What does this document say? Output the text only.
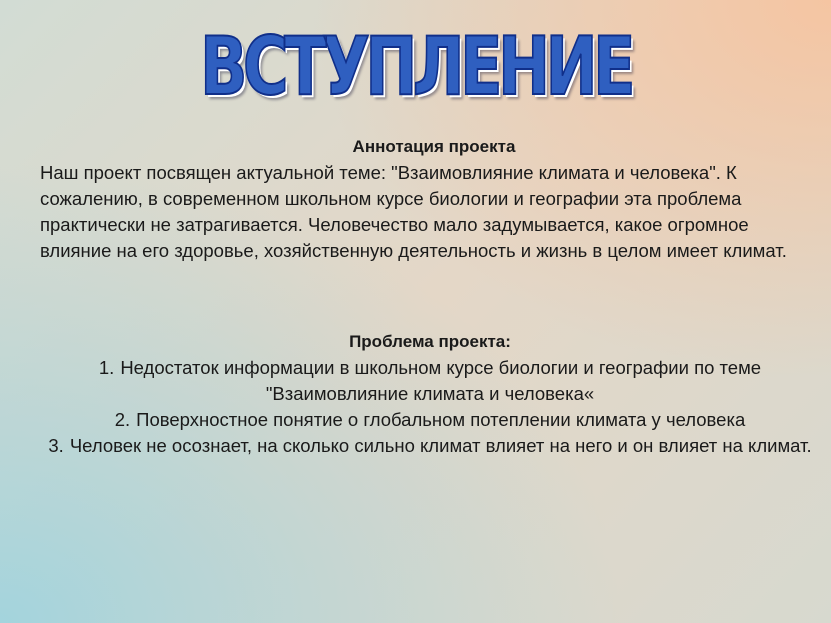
ВСТУПЛЕНИЕ

Аннотация проекта

Наш проект посвящен актуальной теме: "Взаимовлияние климата и человека". К сожалению, в современном школьном курсе биологии и географии эта проблема практически не затрагивается. Человечество мало задумывается, какое огромное влияние на его здоровье, хозяйственную деятельность и жизнь в целом имеет климат.

Проблема проекта:

1. Недостаток информации в школьном курсе биологии и географии по теме "Взаимовлияние климата и человека«
2. Поверхностное понятие о глобальном потеплении климата у человека
3. Человек не осознает, на сколько сильно климат влияет на него и он влияет на климат.
